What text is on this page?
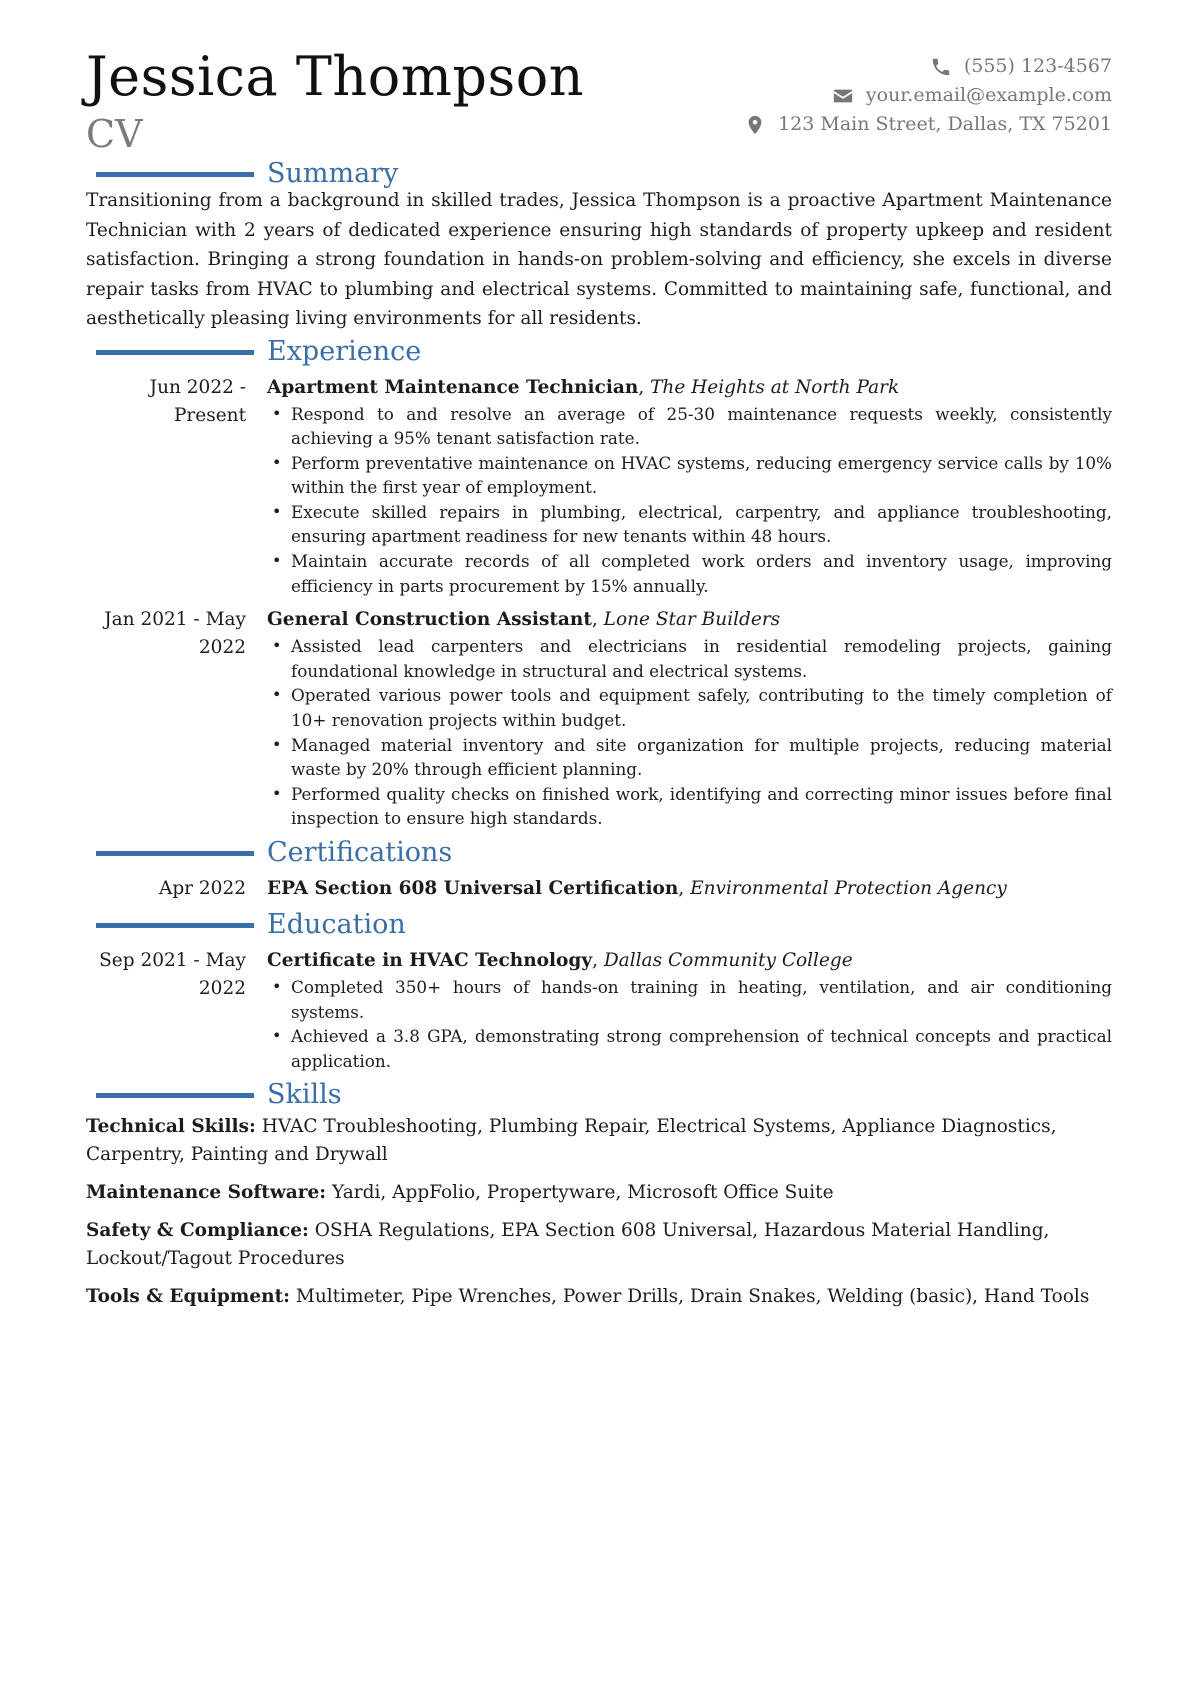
Jessica Thompson
CV
(555) 123-4567
your.email@example.com
123 Main Street, Dallas, TX 75201
Summary

Transitioning from a background in skilled trades, Jessica Thompson is a proactive Apartment Maintenance Technician with 2 years of dedicated experience ensuring high standards of property upkeep and resident satisfaction. Bringing a strong foundation in hands-on problem-solving and efficiency, she excels in diverse repair tasks from HVAC to plumbing and electrical systems. Committed to maintaining safe, functional, and aesthetically pleasing living environments for all residents.

Experience
Jun 2022 - Present
Apartment Maintenance Technician, The Heights at North Park
• Respond to and resolve an average of 25-30 maintenance requests weekly, consistently achieving a 95% tenant satisfaction rate.
• Perform preventative maintenance on HVAC systems, reducing emergency service calls by 10% within the first year of employment.
• Execute skilled repairs in plumbing, electrical, carpentry, and appliance troubleshooting, ensuring apartment readiness for new tenants within 48 hours.
• Maintain accurate records of all completed work orders and inventory usage, improving efficiency in parts procurement by 15% annually.
Jan 2021 - May 2022
General Construction Assistant, Lone Star Builders
• Assisted lead carpenters and electricians in residential remodeling projects, gaining foundational knowledge in structural and electrical systems.
• Operated various power tools and equipment safely, contributing to the timely completion of 10+ renovation projects within budget.
• Managed material inventory and site organization for multiple projects, reducing material waste by 20% through efficient planning.
• Performed quality checks on finished work, identifying and correcting minor issues before final inspection to ensure high standards.
Certifications
Apr 2022	EPA Section 608 Universal Certification, Environmental Protection Agency
Education
Sep 2021 - May 2022
Certificate in HVAC Technology, Dallas Community College
• Completed 350+ hours of hands-on training in heating, ventilation, and air conditioning systems.
• Achieved a 3.8 GPA, demonstrating strong comprehension of technical concepts and practical application.
Skills

Technical Skills: HVAC Troubleshooting, Plumbing Repair, Electrical Systems, Appliance Diagnostics, Carpentry, Painting and Drywall

Maintenance Software: Yardi, AppFolio, Propertyware, Microsoft Office Suite

Safety & Compliance: OSHA Regulations, EPA Section 608 Universal, Hazardous Material Handling, Lockout/Tagout Procedures

Tools & Equipment: Multimeter, Pipe Wrenches, Power Drills, Drain Snakes, Welding (basic), Hand Tools
